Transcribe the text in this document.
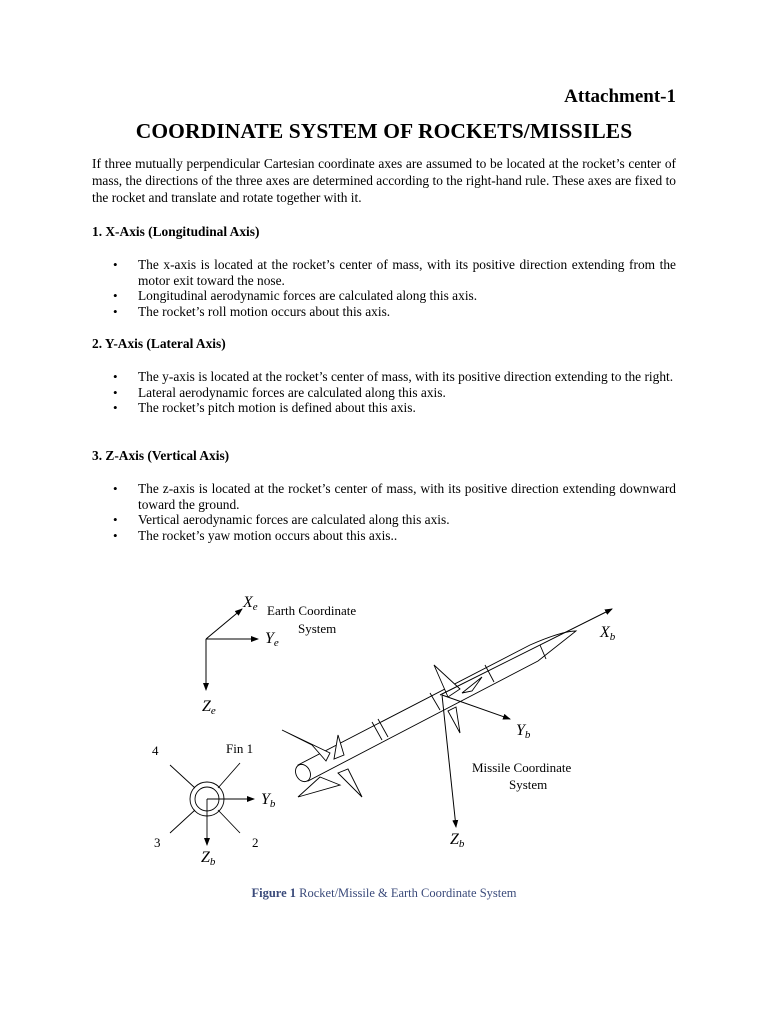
Attachment-1
COORDINATE SYSTEM OF ROCKETS/MISSILES
If three mutually perpendicular Cartesian coordinate axes are assumed to be located at the rocket’s center of mass, the directions of the three axes are determined according to the right-hand rule. These axes are fixed to the rocket and translate and rotate together with it.
1. X-Axis (Longitudinal Axis)
• The x-axis is located at the rocket’s center of mass, with its positive direction extending from the motor exit toward the nose.
• Longitudinal aerodynamic forces are calculated along this axis.
• The rocket’s roll motion occurs about this axis.
2. Y-Axis (Lateral Axis)
• The y-axis is located at the rocket’s center of mass, with its positive direction extending to the right.
• Lateral aerodynamic forces are calculated along this axis.
• The rocket’s pitch motion is defined about this axis.
3. Z-Axis (Vertical Axis)
• The z-axis is located at the rocket’s center of mass, with its positive direction extending downward toward the ground.
• Vertical aerodynamic forces are calculated along this axis.
• The rocket’s yaw motion occurs about this axis..
Xe
Ye
Ze
Earth Coordinate
System	Xb
Yb
Zb
Missile Coordinate
System
Yb
Zb
Fin 1
4
3	2
Figure 1 Rocket/Missile & Earth Coordinate System
